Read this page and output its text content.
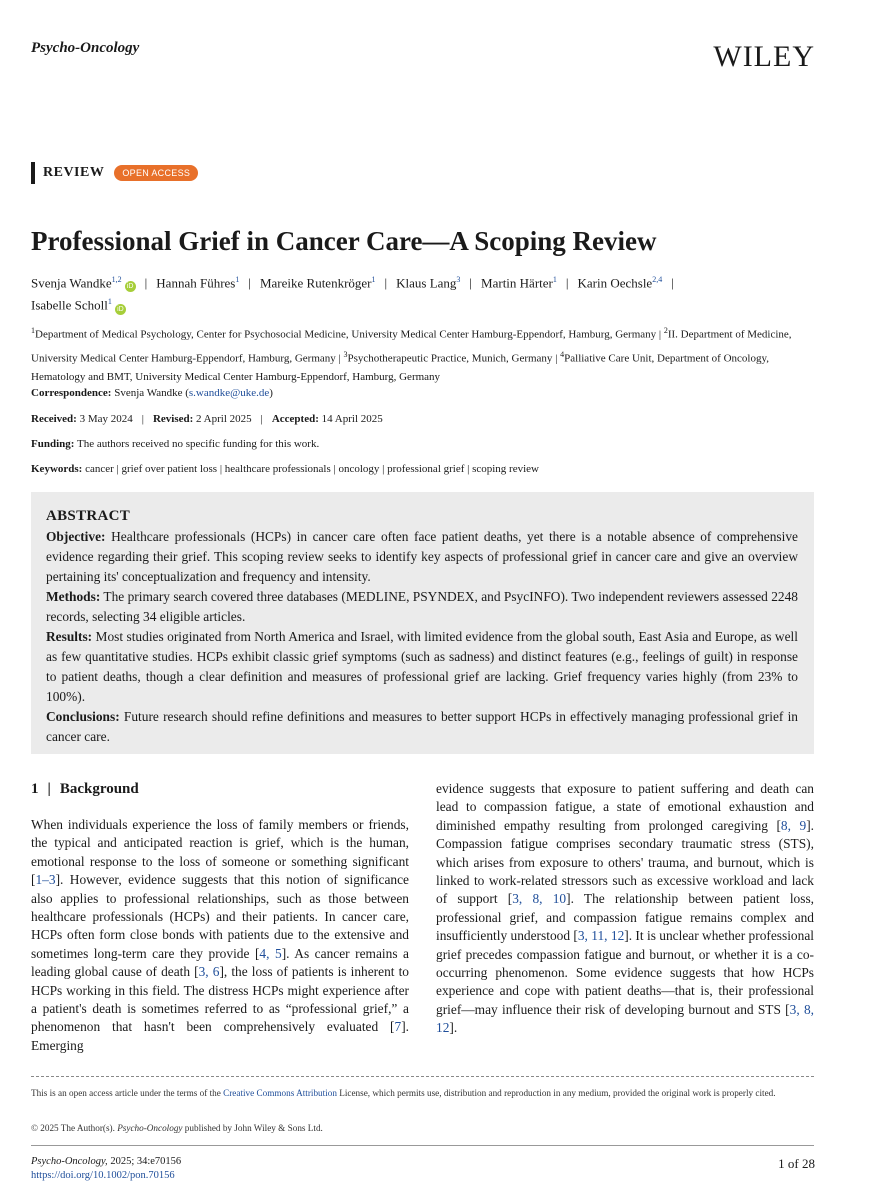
Psycho-Oncology	WILEY
REVIEW	OPEN ACCESS
Professional Grief in Cancer Care—A Scoping Review
Svenja Wandke$^{1,2}$iD | Hannah Führes$^1$ | Mareike Rutenkröger$^1$ | Klaus Lang$^3$ | Martin Härter$^1$ | Karin Oechsle$^{2,4}$ |
Isabelle Scholl$^1$iD
$^1$Department of Medical Psychology, Center for Psychosocial Medicine, University Medical Center Hamburg-Eppendorf, Hamburg, Germany | $^2$II. Department of Medicine, University Medical Center Hamburg-Eppendorf, Hamburg, Germany | $^3$Psychotherapeutic Practice, Munich, Germany | $^4$Palliative Care Unit, Department of Oncology, Hematology and BMT, University Medical Center Hamburg-Eppendorf, Hamburg, Germany
Correspondence: Svenja Wandke (s.wandke@uke.de)
Received: 3 May 2024 | Revised: 2 April 2025 | Accepted: 14 April 2025
Funding: The authors received no specific funding for this work.
Keywords: cancer | grief over patient loss | healthcare professionals | oncology | professional grief | scoping review
ABSTRACT

Objective: Healthcare professionals (HCPs) in cancer care often face patient deaths, yet there is a notable absence of comprehensive evidence regarding their grief. This scoping review seeks to identify key aspects of professional grief in cancer care and give an overview pertaining its' conceptualization and frequency and intensity.

Methods: The primary search covered three databases (MEDLINE, PSYNDEX, and PsycINFO). Two independent reviewers assessed 2248 records, selecting 34 eligible articles.

Results: Most studies originated from North America and Israel, with limited evidence from the global south, East Asia and Europe, as well as few quantitative studies. HCPs exhibit classic grief symptoms (such as sadness) and distinct features (e.g., feelings of guilt) in response to patient deaths, though a clear definition and measures of professional grief are lacking. Grief frequency varies highly (from 23% to 100%).

Conclusions: Future research should refine definitions and measures to better support HCPs in effectively managing professional grief in cancer care.

1 | Background

When individuals experience the loss of family members or friends, the typical and anticipated reaction is grief, which is the human, emotional response to the loss of someone or something significant [1–3]. However, evidence suggests that this notion of significance also applies to professional relationships, such as those between healthcare professionals (HCPs) and their patients. In cancer care, HCPs often form close bonds with patients due to the extensive and sometimes long-term care they provide [4, 5]. As cancer remains a leading global cause of death [3, 6], the loss of patients is inherent to HCPs working in this field. The distress HCPs might experience after a patient's death is sometimes referred to as “professional grief,” a phenomenon that hasn't been comprehensively evaluated [7]. Emerging

evidence suggests that exposure to patient suffering and death can lead to compassion fatigue, a state of emotional exhaustion and diminished empathy resulting from prolonged caregiving [8, 9]. Compassion fatigue comprises secondary traumatic stress (STS), which arises from exposure to others' trauma, and burnout, which is linked to work-related stressors such as excessive workload and lack of support [3, 8, 10]. The relationship between patient loss, professional grief, and compassion fatigue remains complex and insufficiently understood [3, 11, 12]. It is unclear whether professional grief precedes compassion fatigue and burnout, or whether it is a co-occurring phenomenon. Some evidence suggests that how HCPs experience and cope with patient deaths—that is, their professional grief—may influence their risk of developing burnout and STS [3, 8, 12].

This is an open access article under the terms of the Creative Commons Attribution License, which permits use, distribution and reproduction in any medium, provided the original work is properly cited.
© 2025 The Author(s). Psycho-Oncology published by John Wiley & Sons Ltd.
Psycho-Oncology, 2025; 34:e70156
https://doi.org/10.1002/pon.70156
1 of 28
